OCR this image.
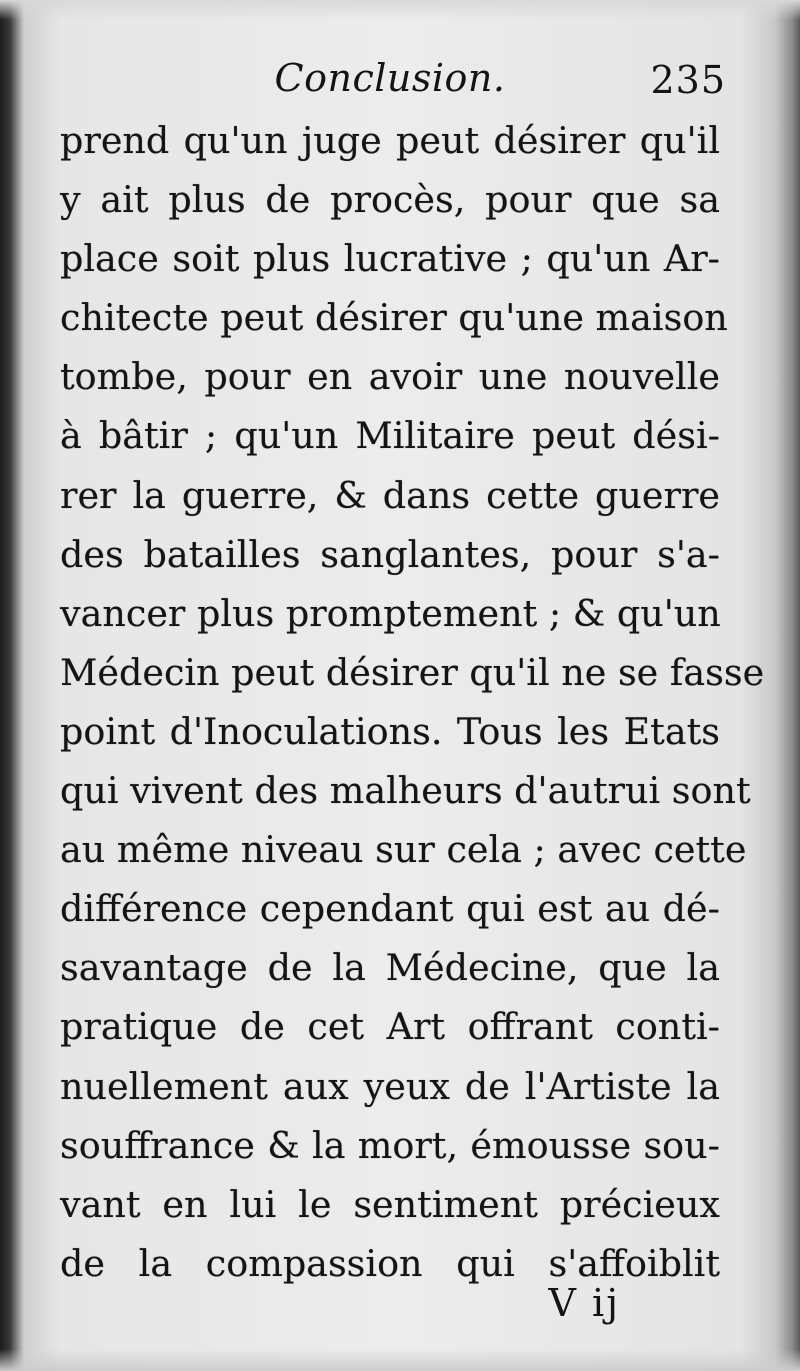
Conclusion.	235
prend qu'un juge peut désirer qu'il
y ait plus de procès, pour que sa
place soit plus lucrative ; qu'un Ar-
chitecte peut désirer qu'une maison
tombe, pour en avoir une nouvelle
à bâtir ; qu'un Militaire peut dési-
rer la guerre, & dans cette guerre
des batailles sanglantes, pour s'a-
vancer plus promptement ; & qu'un
Médecin peut désirer qu'il ne se fasse
point d'Inoculations. Tous les Etats
qui vivent des malheurs d'autrui sont
au même niveau sur cela ; avec cette
différence cependant qui est au dé-
savantage de la Médecine, que la
pratique de cet Art offrant conti-
nuellement aux yeux de l'Artiste la
souffrance & la mort, émousse sou-
vant en lui le sentiment précieux
de la compassion qui s'affoiblit
V ij
